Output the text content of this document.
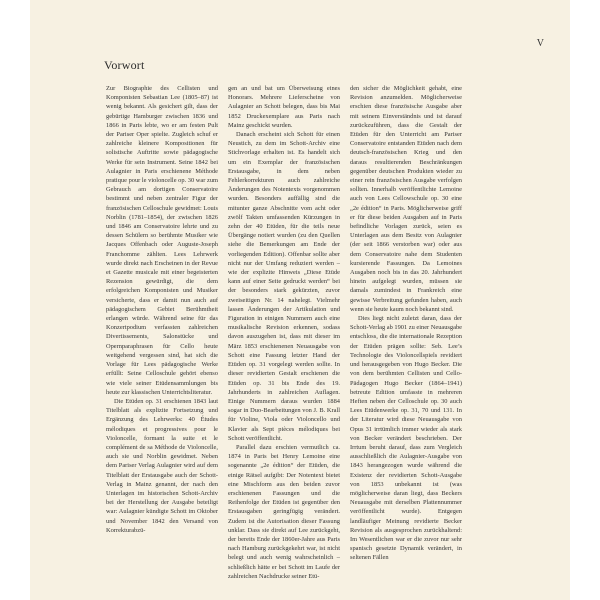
V
Vorwort

Zur Biographie des Cellisten und Komponisten Sebastian Lee (1805–87) ist wenig bekannt. Als gesichert gilt, dass der gebürtige Hamburger zwischen 1836 und 1866 in Paris lebte, wo er am festen Pult der Pariser Oper spielte. Zugleich schuf er zahlreiche kleinere Kompositionen für solistische Auftritte sowie pädagogische Werke für sein Instrument. Seine 1842 bei Aulagnier in Paris erschienene Méthode pratique pour le violoncelle op. 30 war zum Gebrauch am dortigen Conservatoire bestimmt und neben zentraler Figur der französischen Celloschule gewidmet: Louis Norblin (1781–1854), der zwischen 1826 und 1846 am Conservatoire lehrte und zu dessen Schülern so berühmte Musiker wie Jacques Offenbach oder Auguste-Joseph Franchomme zählten. Lees Lehrwerk wurde direkt nach Erscheinen in der Revue et Gazette musicale mit einer begeisterten Rezension gewürdigt, die dem erfolgreichen Komponisten und Musiker versicherte, dass er damit nun auch auf pädagogischem Gebiet Berühmtheit erlangen würde. Während seine für das Konzertpodium verfassten zahlreichen Divertissements, Salonstücke und Opernparaphrasen für Cello heute weitgehend vergessen sind, hat sich die Vorlage für Lees pädagogische Werke erfüllt: Seine Celloschule gehört ebenso wie viele seiner Etüdensammlungen bis heute zur klassischen Unterrichtsliteratur.

Die Etüden op. 31 erschienen 1843 laut Titelblatt als explizite Fortsetzung und Ergänzung des Lehrwerks: 40 Études mélodiques et progressives pour le Violoncelle, formant la suite et le complément de sa Méthode de Violoncelle, auch sie und Norblin gewidmet. Neben dem Pariser Verlag Aulagnier wird auf dem Titelblatt der Erstausgabe auch der Schott-Verlag in Mainz genannt, der nach den Unterlagen im historischen Schott-Archiv bei der Herstellung der Ausgabe beteiligt war: Aulagnier kündigte Schott im Oktober und November 1842 den Versand von Korrekturabzü-

gen an und bat um Überweisung eines Honorars. Mehrere Lieferscheine von Aulagnier an Schott belegen, dass bis Mai 1852 Druckexemplare aus Paris nach Mainz geschickt wurden.

Danach erscheint sich Schott für einen Neustich, zu dem im Schott-Archiv eine Stichvorlage erhalten ist. Es handelt sich um ein Exemplar der französischen Erstausgabe, in dem neben Fehlerkorrekturen auch zahlreiche Änderungen des Notentexts vorgenommen wurden. Besonders auffällig sind die mitunter ganze Abschnitte vom acht oder zwölf Takten umfassenden Kürzungen in zehn der 40 Etüden, für die teils neue Übergänge notiert wurden (zu den Quellen siehe die Bemerkungen am Ende der vorliegenden Edition). Offenbar sollte aber nicht nur der Umfang reduziert werden – wie der explizite Hinweis „Diese Etüde kann auf einer Seite gedruckt werden“ bei der besonders stark gekürzten, zuvor zweiseitigen Nr. 14 nahelegt. Vielmehr lassen Änderungen der Artikulation und Figuration in einigen Nummern auch eine musikalische Revision erkennen, sodass davon auszugehen ist, dass mit dieser im März 1853 erschienenen Neuausgabe von Schott eine Fassung letzter Hand der Etüden op. 31 vorgelegt werden sollte. In dieser revidierten Gestalt erschienen die Etüden op. 31 bis Ende des 19. Jahrhunderts in zahlreichen Auflagen. Einige Nummern daraus wurden 1884 sogar in Duo-Bearbeitungen von J. B. Krall für Violine, Viola oder Violoncello und Klavier als Sept pièces mélodiques bei Schott veröffentlicht.

Parallel dazu erschien vermutlich ca. 1874 in Paris bei Henry Lemoine eine sogenannte „2e édition“ der Etüden, die einige Rätsel aufgibt: Der Notentext bietet eine Mischform aus den beiden zuvor erschienenen Fassungen und die Reihenfolge der Etüden ist gegenüber den Erstausgaben geringfügig verändert. Zudem ist die Autorisation dieser Fassung unklar. Dass sie direkt auf Lee zurückgeht, der bereits Ende der 1860er-Jahre aus Paris nach Hamburg zurückgekehrt war, ist nicht belegt und auch wenig wahrscheinlich – schließlich hätte er bei Schott im Laufe der zahlreichen Nachdrucke seiner Etü-

den sicher die Möglichkeit gehabt, eine Revision anzumelden. Möglicherweise erschien diese französische Ausgabe aber mit seinem Einverständnis und ist darauf zurückzuführen, dass die Gestalt der Etüden für den Unterricht am Pariser Conservatoire entstanden Etüden nach dem deutsch-französischen Krieg und den daraus resultierenden Beschränkungen gegenüber deutschen Produkten wieder zu einer rein französischen Ausgabe verfolgen sollten. Innerhalb veröffentlichte Lemoine auch von Lees Cellowschule op. 30 eine „2e édition“ in Paris. Möglicherweise griff er für diese beiden Ausgaben auf in Paris befindliche Vorlagen zurück, seien es Unterlagen aus dem Besitz von Aulagnier (der seit 1866 verstorben war) oder aus dem Conservatoire nahe dem Studenten kursierende Fassungen. Da Lemoines Ausgaben noch bis in das 20. Jahrhundert hinein aufgelegt wurden, müssen sie damals zumindest in Frankreich eine gewisse Verbreitung gefunden haben, auch wenn sie heute kaum noch bekannt sind.

Dies liegt nicht zuletzt daran, dass der Schott-Verlag ab 1901 zu einer Neuausgabe entschloss, die die internationale Rezeption der Etüden prägen sollte: Seb. Lee’s Technologie des Violoncellspiels revidiert und herausgegeben von Hugo Becker. Die von dem berühmten Cellisten und Cello-Pädagogen Hugo Becker (1864–1941) betreute Edition umfasste in mehreren Heften neben der Celloschule op. 30 auch Lees Etüdenwerke op. 31, 70 und 131. In der Literatur wird diese Neuausgabe von Opus 31 irrtümlich immer wieder als stark von Becker verändert beschrieben. Der Irrtum beruht darauf, dass zum Vergleich ausschließlich die Aulagnier-Ausgabe von 1843 herangezogen wurde während die Existenz der revidierten Schott-Ausgabe von 1853 unbekannt ist (was möglicherweise daran liegt, dass Beckers Neuausgabe mit derselben Plattennummer veröffentlicht wurde). Entgegen landläufiger Meinung revidierte Becker Revision als ausgesprochen zurückhaltend: Im Wesentlichen war er die zuvor nur sehr spanisch gesetzte Dynamik verändert, in seltenen Fällen
